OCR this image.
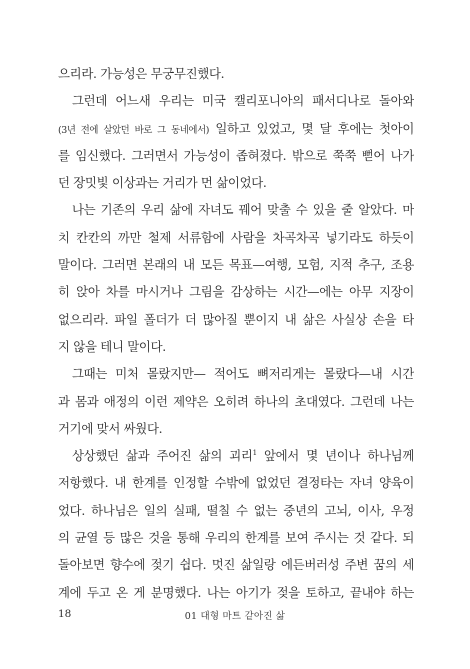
으리라. 가능성은 무궁무진했다.
그런데 어느새 우리는 미국 캘리포니아의 패서디나로 돌아와
(3년 전에 살았던 바로 그 동네에서) 일하고 있었고, 몇 달 후에는 첫아이
를 임신했다. 그러면서 가능성이 좁혀졌다. 밖으로 쭉쭉 뻗어 나가
던 장밋빛 이상과는 거리가 먼 삶이었다.
나는 기존의 우리 삶에 자녀도 꿰어 맞출 수 있을 줄 알았다. 마
치 칸칸의 까만 철제 서류함에 사람을 차곡차곡 넣기라도 하듯이
말이다. 그러면 본래의 내 모든 목표—여행, 모험, 지적 추구, 조용
히 앉아 차를 마시거나 그림을 감상하는 시간—에는 아무 지장이
없으리라. 파일 폴더가 더 많아질 뿐이지 내 삶은 사실상 손을 타
지 않을 테니 말이다.
그때는 미처 몰랐지만— 적어도 뼈저리게는 몰랐다—내 시간
과 몸과 애정의 이런 제약은 오히려 하나의 초대였다. 그런데 나는
거기에 맞서 싸웠다.
상상했던 삶과 주어진 삶의 괴리$^1$ 앞에서 몇 년이나 하나님께
저항했다. 내 한계를 인정할 수밖에 없었던 결정타는 자녀 양육이
었다. 하나님은 일의 실패, 떨칠 수 없는 중년의 고뇌, 이사, 우정
의 균열 등 많은 것을 통해 우리의 한계를 보여 주시는 것 같다. 되
돌아보면 향수에 젖기 쉽다. 멋진 삶일랑 에든버러성 주변 꿈의 세
계에 두고 온 게 분명했다. 나는 아기가 젖을 토하고, 끝내야 하는
18	01 대형 마트 같아진 삶
